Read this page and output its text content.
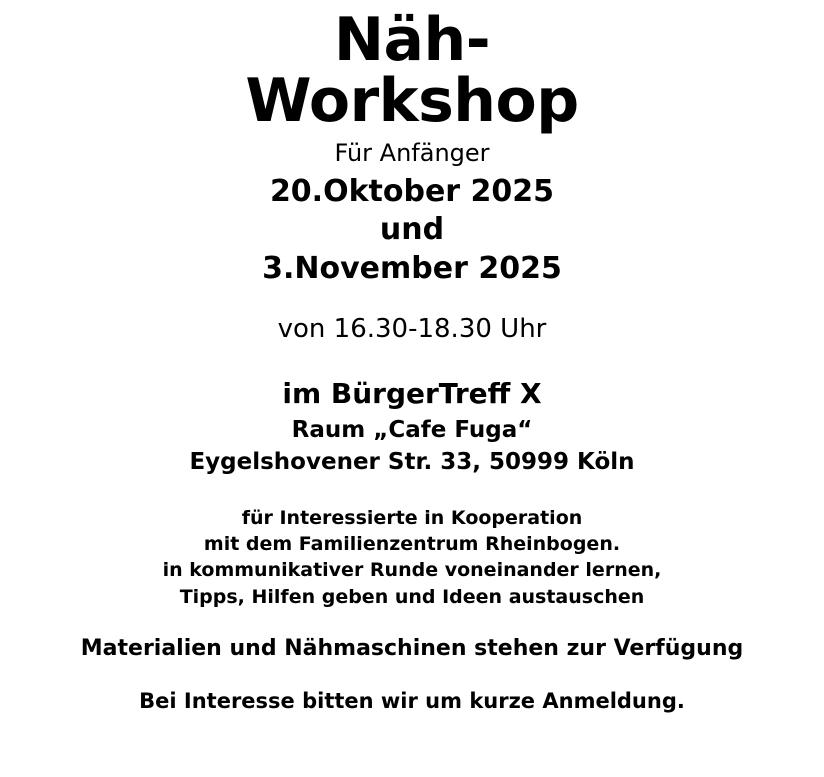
Näh-
Workshop
Für Anfänger
20.Oktober 2025
und
3.November 2025
von 16.30-18.30 Uhr
im BürgerTreff X
Raum „Cafe Fuga“
Eygelshovener Str. 33, 50999 Köln
für Interessierte in Kooperation
mit dem Familienzentrum Rheinbogen.
in kommunikativer Runde voneinander lernen,
Tipps, Hilfen geben und Ideen austauschen
Materialien und Nähmaschinen stehen zur Verfügung
Bei Interesse bitten wir um kurze Anmeldung.
